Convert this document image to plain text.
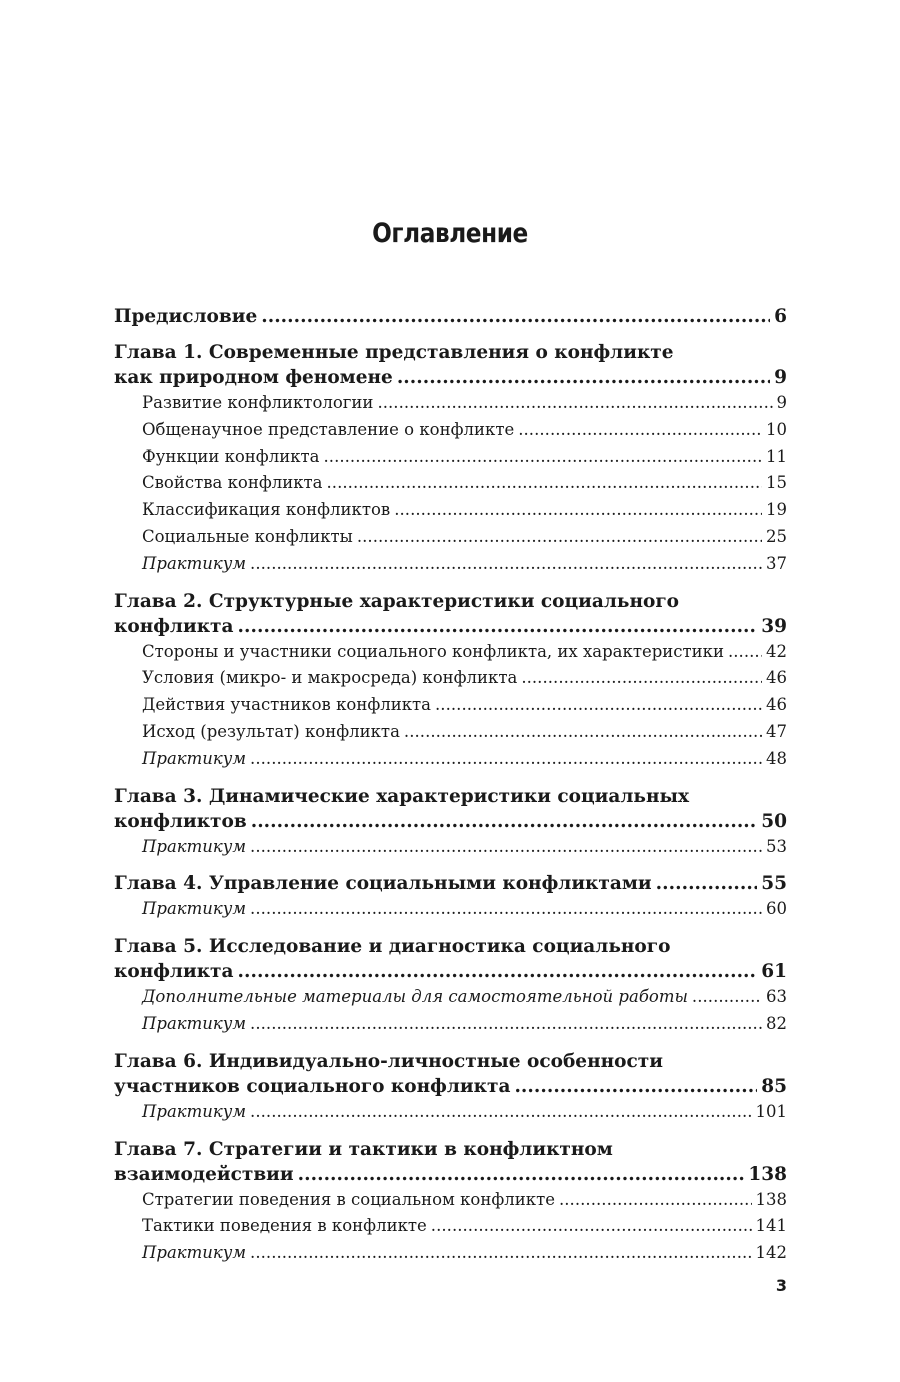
Оглавление
Предисловие . . .	6
Глава 1. Современные представления о конфликте
как природном феномене . . .	9
Развитие конфликтологии . . .	9
Общенаучное представление о конфликте . . .	10
Функции конфликта . . .	11
Свойства конфликта . . .	15
Классификация конфликтов . . .	19
Социальные конфликты . . .	25
Практикум . . .	37
Глава 2. Структурные характеристики социального
конфликта . . .	39
Стороны и участники социального конфликта, их характеристики . . .	42
Условия (микро- и макросреда) конфликта . . .	46
Действия участников конфликта . . .	46
Исход (результат) конфликта . . .	47
Практикум . . .	48
Глава 3. Динамические характеристики социальных
конфликтов . . .	50
Практикум . . .	53
Глава 4. Управление социальными конфликтами . . .	55
Практикум . . .	60
Глава 5. Исследование и диагностика социального
конфликта . . .	61
Дополнительные материалы для самостоятельной работы . . .	63
Практикум . . .	82
Глава 6. Индивидуально-личностные особенности
участников социального конфликта . . .	85
Практикум . . .	101
Глава 7. Стратегии и тактики в конфликтном
взаимодействии . . .	138
Стратегии поведения в социальном конфликте . . .	138
Тактики поведения в конфликте . . .	141
Практикум . . .	142
3
